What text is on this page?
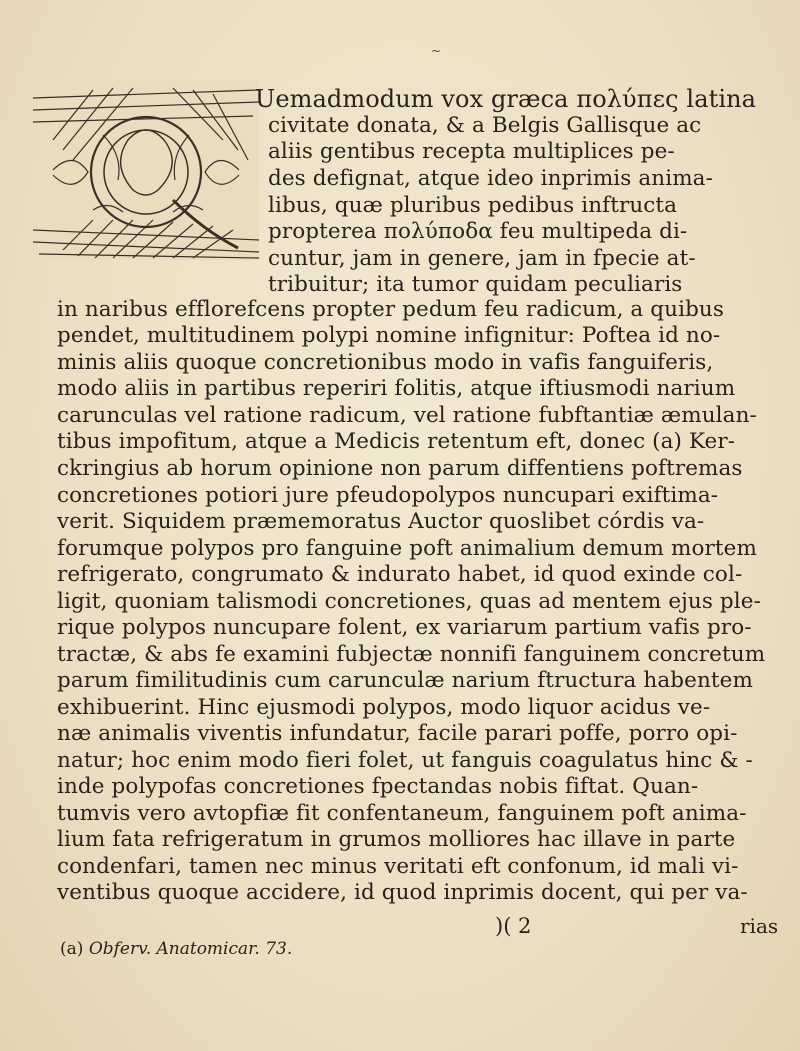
~
Uemadmodum vox græca πολύπες latina
civitate donata, & a Belgis Gallisque ac
aliis gentibus recepta multiplices pe-
des defignat, atque ideo inprimis anima-
libus, quæ pluribus pedibus inftructa
propterea πολύποδα feu multipeda di-
cuntur, jam in genere, jam in fpecie at-
tribuitur; ita tumor quidam peculiaris
in naribus efflorefcens propter pedum feu radicum, a quibus
pendet, multitudinem polypi nomine infignitur: Poftea id no-
minis aliis quoque concretionibus modo in vafis fanguiferis,
modo aliis in partibus reperiri folitis, atque iftiusmodi narium
carunculas vel ratione radicum, vel ratione fubftantiæ æmulan-
tibus impofitum, atque a Medicis retentum eft, donec (a) Ker-
ckringius ab horum opinione non parum diffentiens poftremas
concretiones potiori jure pfeudopolypos nuncupari exiftima-
verit. Siquidem præmemoratus Auctor quoslibet córdis va-
forumque polypos pro fanguine poft animalium demum mortem
refrigerato, congrumato & indurato habet, id quod exinde col-
ligit, quoniam talismodi concretiones, quas ad mentem ejus ple-
rique polypos nuncupare folent, ex variarum partium vafis pro-
tractæ, & abs fe examini fubjectæ nonnifi fanguinem concretum
parum fimilitudinis cum carunculæ narium ftructura habentem
exhibuerint. Hinc ejusmodi polypos, modo liquor acidus ve-
næ animalis viventis infundatur, facile parari poffe, porro opi-
natur; hoc enim modo fieri folet, ut fanguis coagulatus hinc & -
inde polypofas concretiones fpectandas nobis fiftat. Quan-
tumvis vero avtopfiæ fit confentaneum, fanguinem poft anima-
lium fata refrigeratum in grumos molliores hac illave in parte
condenfari, tamen nec minus veritati eft confonum, id mali vi-
ventibus quoque accidere, id quod inprimis docent, qui per va-
)( 2	rias
(a) Obferv. Anatomicar. 73.
